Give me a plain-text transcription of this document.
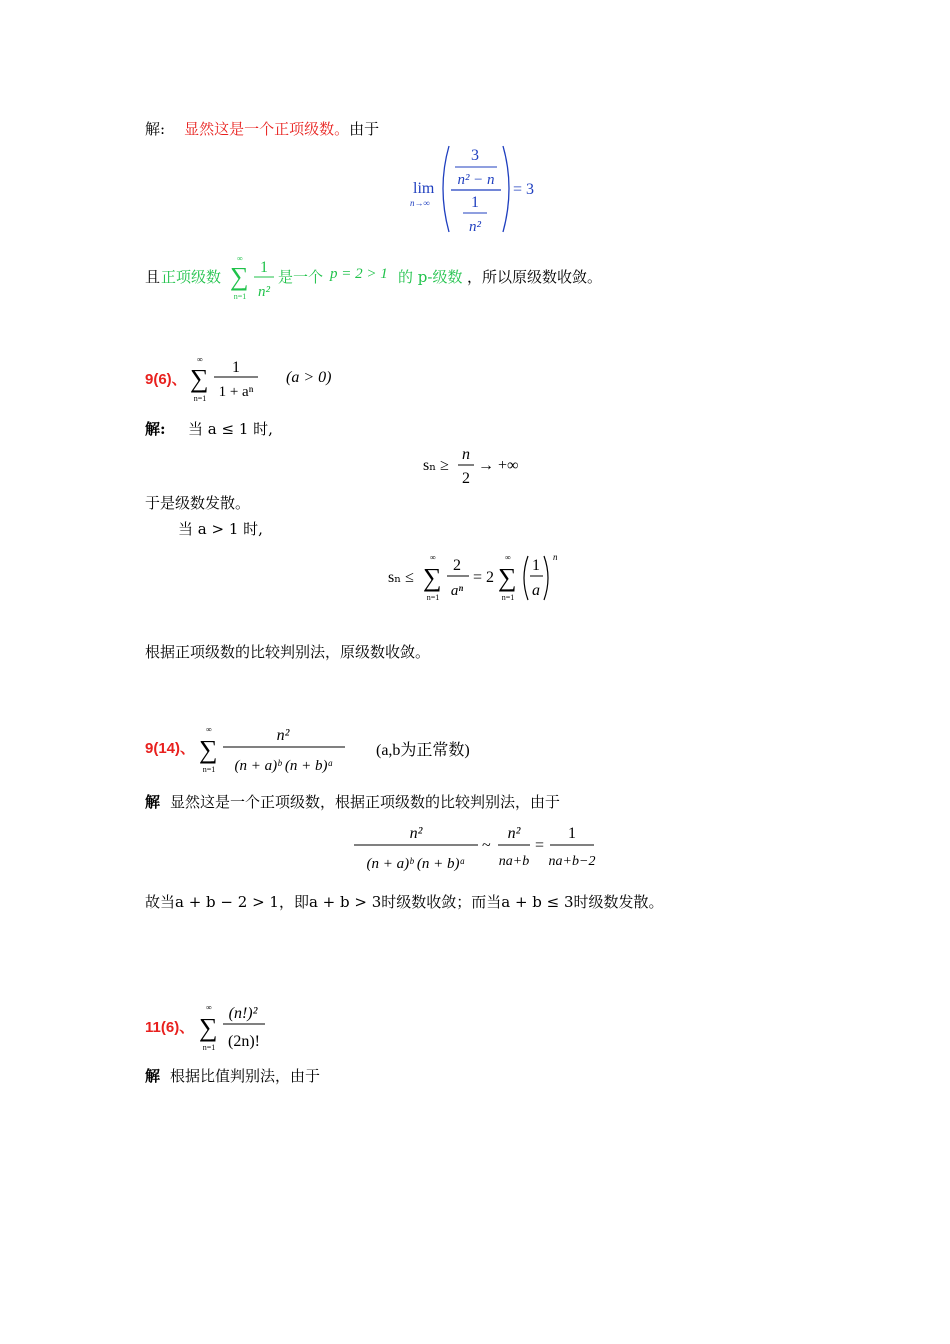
解: 显然这是一个正项级数。由于
lim
n→∞
3
n² − n
1
n²
= 3
且 正项级数
∞
∑
n=1
1
n²
是一个 p = 2 > 1 的 p-级数 ，所以原级数收敛。
9(6)、
∞
∑
n=1
1
1 + aⁿ
(a > 0)
解: 当 a ≤ 1 时,
sₙ ≥
n
2
→ +∞
于是级数发散。
当 a > 1 时,
sₙ ≤
∞
∑
n=1
2
aⁿ
= 2
∞
∑
n=1
1
a
n
根据正项级数的比较判别法，原级数收敛。
9(14)、
∞
∑
n=1
n²
(n + a)ᵇ (n + b)ᵃ
(a,b为正常数)
解 显然这是一个正项级数，根据正项级数的比较判别法，由于
n²
(n + a)ᵇ (n + b)ᵃ
~
n²
na+b
=
1
na+b−2
故当a + b − 2 > 1，即a + b > 3时级数收敛；而当a + b ≤ 3时级数发散。
11(6)、
∞
∑
n=1
(n!)²
(2n)!
解 根据比值判别法，由于
